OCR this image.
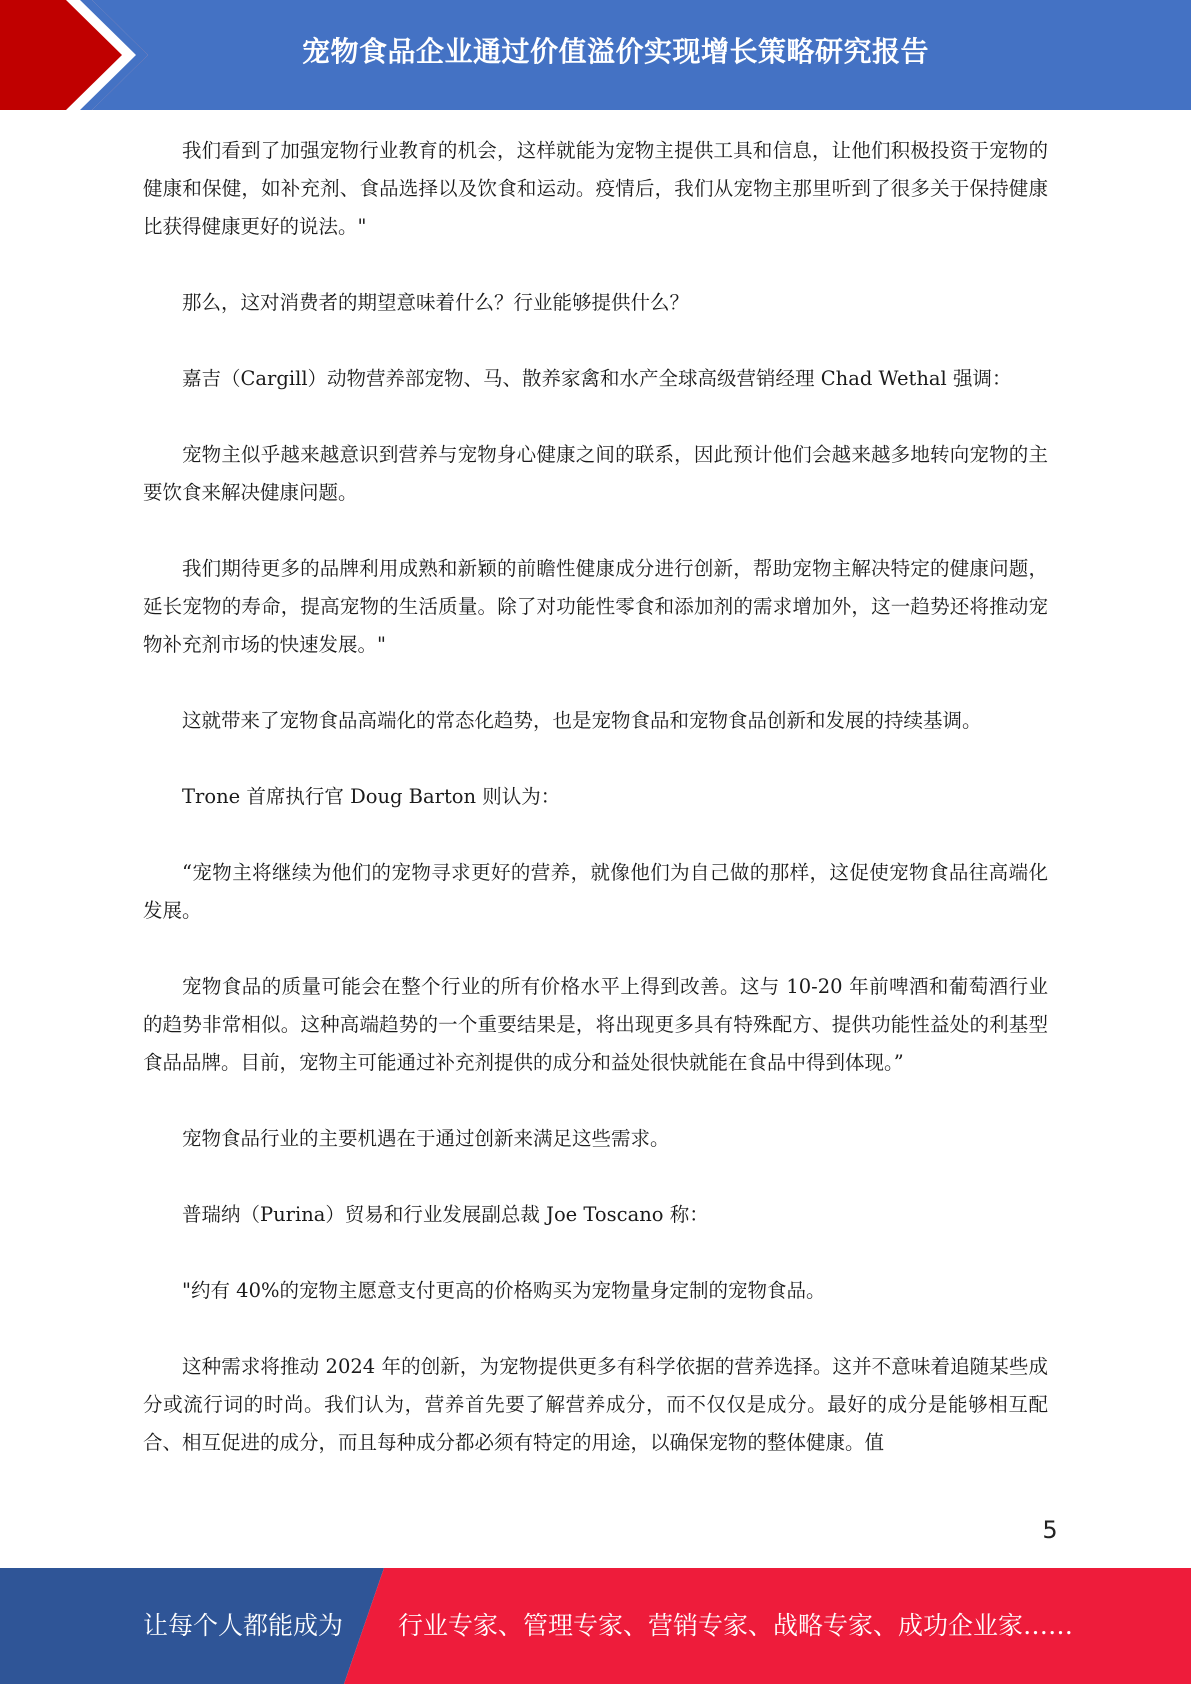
宠物食品企业通过价值溢价实现增长策略研究报告

我们看到了加强宠物行业教育的机会，这样就能为宠物主提供工具和信息，让他们积极投资于宠物的健康和保健，如补充剂、食品选择以及饮食和运动。疫情后，我们从宠物主那里听到了很多关于保持健康比获得健康更好的说法。"

那么，这对消费者的期望意味着什么？行业能够提供什么？

嘉吉（Cargill）动物营养部宠物、马、散养家禽和水产全球高级营销经理 Chad Wethal 强调：

宠物主似乎越来越意识到营养与宠物身心健康之间的联系，因此预计他们会越来越多地转向宠物的主要饮食来解决健康问题。

我们期待更多的品牌利用成熟和新颖的前瞻性健康成分进行创新，帮助宠物主解决特定的健康问题，延长宠物的寿命，提高宠物的生活质量。除了对功能性零食和添加剂的需求增加外，这一趋势还将推动宠物补充剂市场的快速发展。"

这就带来了宠物食品高端化的常态化趋势，也是宠物食品和宠物食品创新和发展的持续基调。

Trone 首席执行官 Doug Barton 则认为：

“宠物主将继续为他们的宠物寻求更好的营养，就像他们为自己做的那样，这促使宠物食品往高端化发展。

宠物食品的质量可能会在整个行业的所有价格水平上得到改善。这与 10-20 年前啤酒和葡萄酒行业的趋势非常相似。这种高端趋势的一个重要结果是，将出现更多具有特殊配方、提供功能性益处的利基型食品品牌。目前，宠物主可能通过补充剂提供的成分和益处很快就能在食品中得到体现。”

宠物食品行业的主要机遇在于通过创新来满足这些需求。

普瑞纳（Purina）贸易和行业发展副总裁 Joe Toscano 称：

"约有 40%的宠物主愿意支付更高的价格购买为宠物量身定制的宠物食品。

这种需求将推动 2024 年的创新，为宠物提供更多有科学依据的营养选择。这并不意味着追随某些成分或流行词的时尚。我们认为，营养首先要了解营养成分，而不仅仅是成分。最好的成分是能够相互配合、相互促进的成分，而且每种成分都必须有特定的用途，以确保宠物的整体健康。值

5
让每个人都能成为 行业专家、管理专家、营销专家、战略专家、成功企业家……
